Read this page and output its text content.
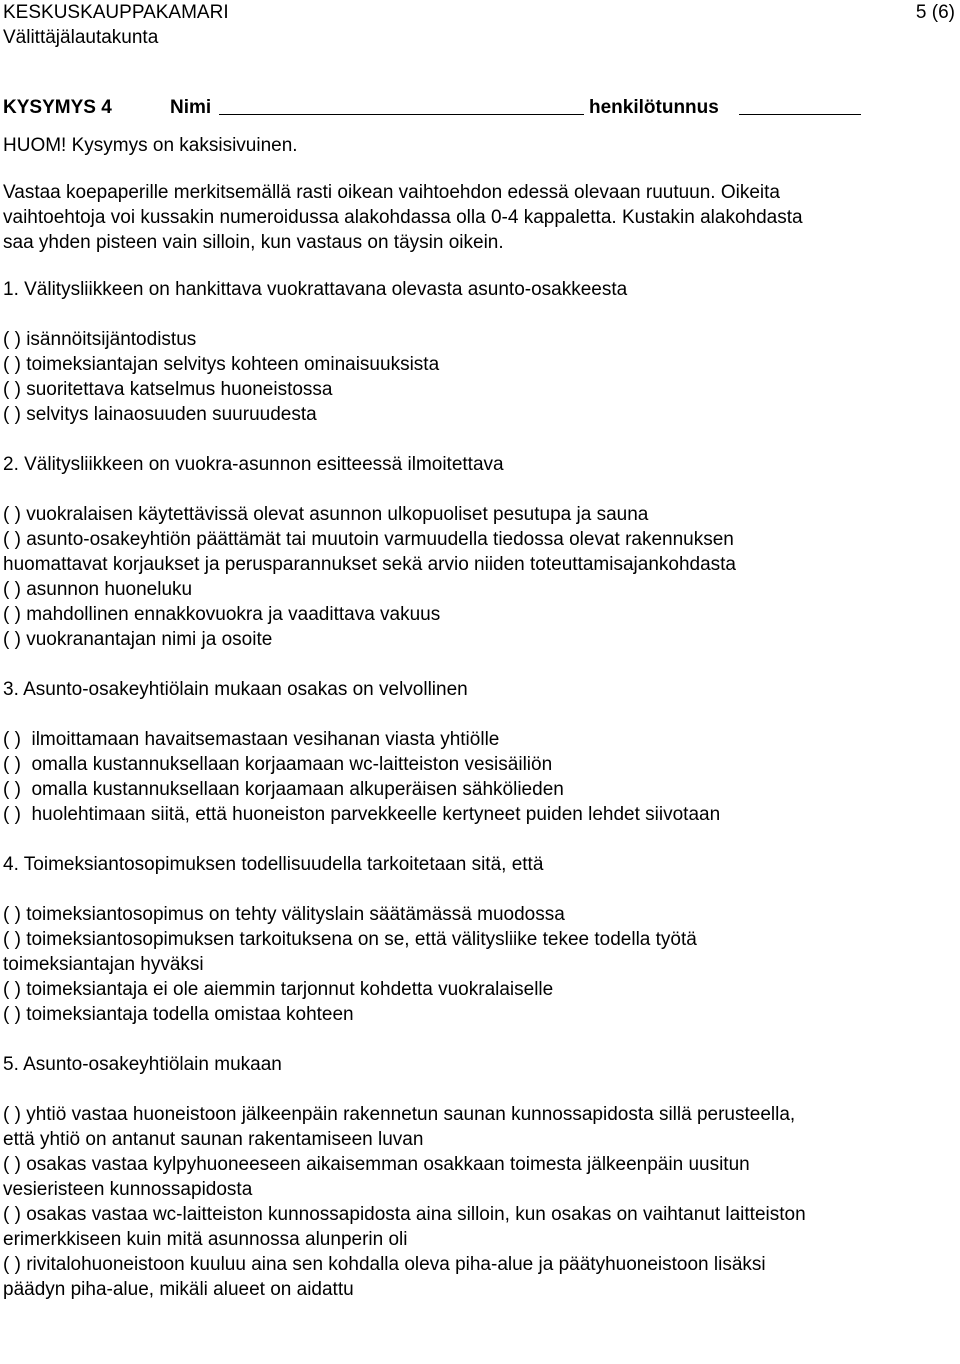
KESKUSKAUPPAKAMARI	5 (6)
Välittäjälautakunta
KYSYMYS 4	Nimi	henkilötunnus
HUOM! Kysymys on kaksisivuinen.
Vastaa koepaperille merkitsemällä rasti oikean vaihtoehdon edessä olevaan ruutuun. Oikeita
vaihtoehtoja voi kussakin numeroidussa alakohdassa olla 0-4 kappaletta. Kustakin alakohdasta
saa yhden pisteen vain silloin, kun vastaus on täysin oikein.
1. Välitysliikkeen on hankittava vuokrattavana olevasta asunto-osakkeesta
( ) isännöitsijäntodistus
( ) toimeksiantajan selvitys kohteen ominaisuuksista
( ) suoritettava katselmus huoneistossa
( ) selvitys lainaosuuden suuruudesta
2. Välitysliikkeen on vuokra-asunnon esitteessä ilmoitettava
( ) vuokralaisen käytettävissä olevat asunnon ulkopuoliset pesutupa ja sauna
( ) asunto-osakeyhtiön päättämät tai muutoin varmuudella tiedossa olevat rakennuksen
huomattavat korjaukset ja perusparannukset sekä arvio niiden toteuttamisajankohdasta
( ) asunnon huoneluku
( ) mahdollinen ennakkovuokra ja vaadittava vakuus
( ) vuokranantajan nimi ja osoite
3. Asunto-osakeyhtiölain mukaan osakas on velvollinen
( )  ilmoittamaan havaitsemastaan vesihanan viasta yhtiölle
( )  omalla kustannuksellaan korjaamaan wc-laitteiston vesisäiliön
( )  omalla kustannuksellaan korjaamaan alkuperäisen sähkölieden
( )  huolehtimaan siitä, että huoneiston parvekkeelle kertyneet puiden lehdet siivotaan
4. Toimeksiantosopimuksen todellisuudella tarkoitetaan sitä, että
( ) toimeksiantosopimus on tehty välityslain säätämässä muodossa
( ) toimeksiantosopimuksen tarkoituksena on se, että välitysliike tekee todella työtä
toimeksiantajan hyväksi
( ) toimeksiantaja ei ole aiemmin tarjonnut kohdetta vuokralaiselle
( ) toimeksiantaja todella omistaa kohteen
5. Asunto-osakeyhtiölain mukaan
( ) yhtiö vastaa huoneistoon jälkeenpäin rakennetun saunan kunnossapidosta sillä perusteella,
että yhtiö on antanut saunan rakentamiseen luvan
( ) osakas vastaa kylpyhuoneeseen aikaisemman osakkaan toimesta jälkeenpäin uusitun
vesieristeen kunnossapidosta
( ) osakas vastaa wc-laitteiston kunnossapidosta aina silloin, kun osakas on vaihtanut laitteiston
erimerkkiseen kuin mitä asunnossa alunperin oli
( ) rivitalohuoneistoon kuuluu aina sen kohdalla oleva piha-alue ja päätyhuoneistoon lisäksi
päädyn piha-alue, mikäli alueet on aidattu
